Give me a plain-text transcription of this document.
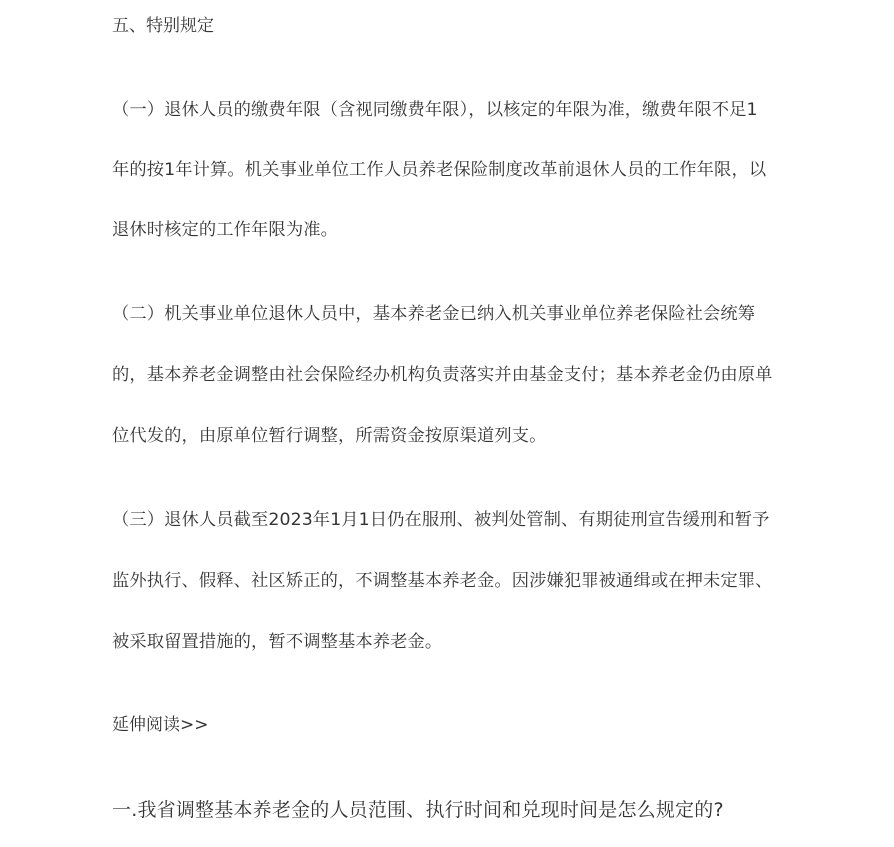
五、特别规定
（一）退休人员的缴费年限（含视同缴费年限），以核定的年限为准，缴费年限不足1
年的按1年计算。机关事业单位工作人员养老保险制度改革前退休人员的工作年限，以
退休时核定的工作年限为准。
（二）机关事业单位退休人员中，基本养老金已纳入机关事业单位养老保险社会统筹
的，基本养老金调整由社会保险经办机构负责落实并由基金支付；基本养老金仍由原单
位代发的，由原单位暂行调整，所需资金按原渠道列支。
（三）退休人员截至2023年1月1日仍在服刑、被判处管制、有期徒刑宣告缓刑和暂予
监外执行、假释、社区矫正的，不调整基本养老金。因涉嫌犯罪被通缉或在押未定罪、
被采取留置措施的，暂不调整基本养老金。
延伸阅读>>
一.我省调整基本养老金的人员范围、执行时间和兑现时间是怎么规定的?
